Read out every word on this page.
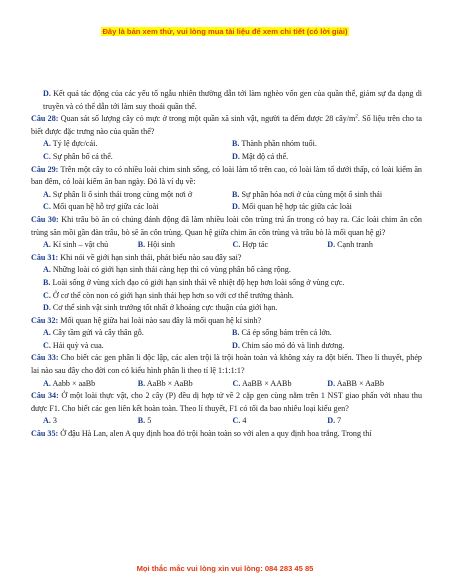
Đây là bản xem thử, vui lòng mua tài liệu để xem chi tiết (có lời giải)

D. Kết quả tác động của các yếu tố ngẫu nhiên thường dẫn tới làm nghèo vốn gen của quần thể, giảm sự đa dạng di truyền và có thể dẫn tới làm suy thoái quần thể.

Câu 28: Quan sát số lượng cây cỏ mực ở trong một quần xã sinh vật, người ta đếm được 28 cây/$m^2$. Số liệu trên cho ta biết được đặc trưng nào của quần thể?

A. Tỷ lệ đực/cái.	B. Thành phần nhóm tuổi.
C. Sự phân bố cá thể.	D. Mật độ cá thể.

Câu 29: Trên một cây to có nhiều loài chim sinh sống, có loài làm tổ trên cao, có loài làm tổ dưới thấp, có loài kiếm ăn ban đêm, có loài kiếm ăn ban ngày. Đó là ví dụ về:

A. Sự phân li ổ sinh thái trong cùng một nơi ở	B. Sự phân hóa nơi ở của cùng một ổ sinh thái
C. Mối quan hệ hỗ trợ giữa các loài	D. Mối quan hệ hợp tác giữa các loài

Câu 30: Khi trâu bò ăn cỏ chúng đánh động đã làm nhiều loài côn trùng trú ẩn trong cỏ bay ra. Các loài chim ăn côn trùng săn mồi gần đàn trâu, bò sẽ ăn côn trùng. Quan hệ giữa chim ăn côn trùng và trâu bò là mối quan hệ gì?

A. Kí sinh – vật chủ	B. Hội sinh	C. Hợp tác	D. Cạnh tranh

Câu 31: Khi nói về giới hạn sinh thái, phát biểu nào sau đây sai?

A. Những loài có giới hạn sinh thái càng hẹp thì có vùng phân bố càng rộng.

B. Loài sống ở vùng xích đạo có giới hạn sinh thái về nhiệt độ hẹp hơn loài sống ở vùng cực.

C. Ở cơ thể còn non có giới hạn sinh thái hẹp hơn so với cơ thể trưởng thành.

D. Cơ thể sinh vật sinh trưởng tốt nhất ở khoảng cực thuận của giới hạn.

Câu 32: Mối quan hệ giữa hai loài nào sau đây là mối quan hệ kí sinh?

A. Cây tầm gửi và cây thân gỗ.	B. Cá ép sống bám trên cá lớn.
C. Hải quỳ và cua.	D. Chim sáo mỏ đỏ và linh dương.

Câu 33: Cho biết các gen phân li độc lập, các alen trội là trội hoàn toàn và không xảy ra đột biến. Theo lí thuyết, phép lai nào sau đây cho đời con có kiểu hình phân li theo tỉ lệ 1:1:1:1?

A. Aabb × aaBb	B. AaBb × AaBb	C. AaBB × AABb	D. AaBB × AaBb

Câu 34: Ở một loài thực vật, cho 2 cây (P) đều dị hợp tử về 2 cặp gen cùng nằm trên 1 NST giao phấn với nhau thu được F1. Cho biết các gen liên kết hoàn toàn. Theo lí thuyết, F1 có tối đa bao nhiêu loại kiểu gen?

A. 3	B. 5	C. 4	D. 7

Câu 35: Ở đậu Hà Lan, alen A quy định hoa đỏ trội hoàn toàn so với alen a quy định hoa trắng. Trong thí

Mọi thắc mắc vui lòng xin vui lòng: 084 283 45 85
